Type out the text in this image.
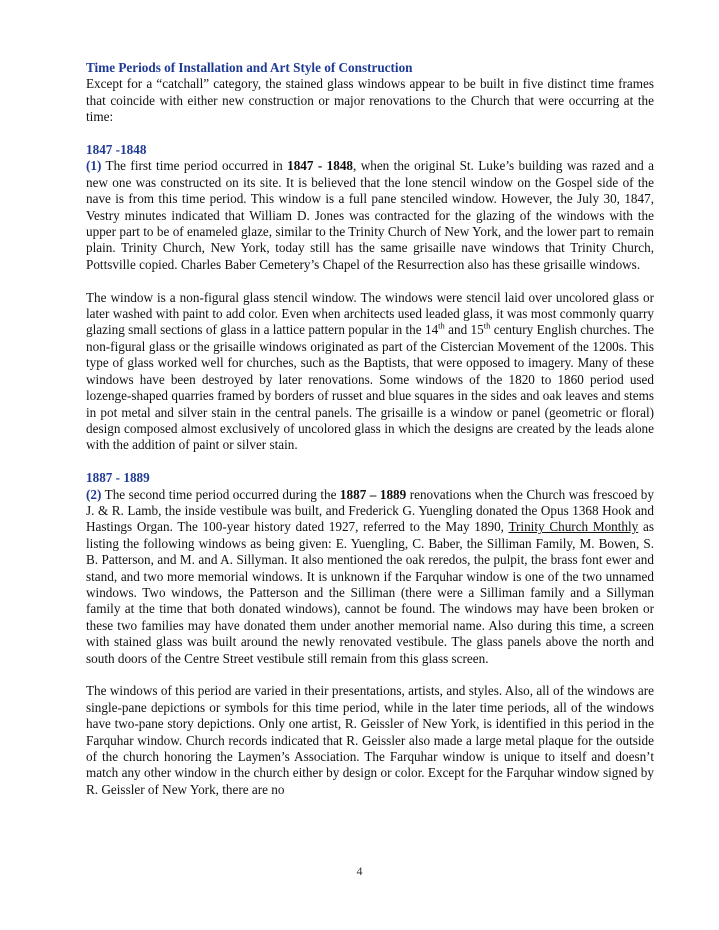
Time Periods of Installation and Art Style of Construction

Except for a “catchall” category, the stained glass windows appear to be built in five distinct time frames that coincide with either new construction or major renovations to the Church that were occurring at the time:

1847 -1848

(1) The first time period occurred in 1847 - 1848, when the original St. Luke’s building was razed and a new one was constructed on its site. It is believed that the lone stencil window on the Gospel side of the nave is from this time period. This window is a full pane stenciled window. However, the July 30, 1847, Vestry minutes indicated that William D. Jones was contracted for the glazing of the windows with the upper part to be of enameled glaze, similar to the Trinity Church of New York, and the lower part to remain plain. Trinity Church, New York, today still has the same grisaille nave windows that Trinity Church, Pottsville copied. Charles Baber Cemetery’s Chapel of the Resurrection also has these grisaille windows.

The window is a non-figural glass stencil window. The windows were stencil laid over uncolored glass or later washed with paint to add color. Even when architects used leaded glass, it was most commonly quarry glazing small sections of glass in a lattice pattern popular in the 14th and 15th century English churches. The non-figural glass or the grisaille windows originated as part of the Cistercian Movement of the 1200s. This type of glass worked well for churches, such as the Baptists, that were opposed to imagery. Many of these windows have been destroyed by later renovations. Some windows of the 1820 to 1860 period used lozenge-shaped quarries framed by borders of russet and blue squares in the sides and oak leaves and stems in pot metal and silver stain in the central panels. The grisaille is a window or panel (geometric or floral) design composed almost exclusively of uncolored glass in which the designs are created by the leads alone with the addition of paint or silver stain.

1887 - 1889

(2) The second time period occurred during the 1887 – 1889 renovations when the Church was frescoed by J. & R. Lamb, the inside vestibule was built, and Frederick G. Yuengling donated the Opus 1368 Hook and Hastings Organ. The 100-year history dated 1927, referred to the May 1890, Trinity Church Monthly as listing the following windows as being given: E. Yuengling, C. Baber, the Silliman Family, M. Bowen, S. B. Patterson, and M. and A. Sillyman. It also mentioned the oak reredos, the pulpit, the brass font ewer and stand, and two more memorial windows. It is unknown if the Farquhar window is one of the two unnamed windows. Two windows, the Patterson and the Silliman (there were a Silliman family and a Sillyman family at the time that both donated windows), cannot be found. The windows may have been broken or these two families may have donated them under another memorial name. Also during this time, a screen with stained glass was built around the newly renovated vestibule. The glass panels above the north and south doors of the Centre Street vestibule still remain from this glass screen.

The windows of this period are varied in their presentations, artists, and styles. Also, all of the windows are single-pane depictions or symbols for this time period, while in the later time periods, all of the windows have two-pane story depictions. Only one artist, R. Geissler of New York, is identified in this period in the Farquhar window. Church records indicated that R. Geissler also made a large metal plaque for the outside of the church honoring the Laymen’s Association. The Farquhar window is unique to itself and doesn’t match any other window in the church either by design or color. Except for the Farquhar window signed by R. Geissler of New York, there are no

4
